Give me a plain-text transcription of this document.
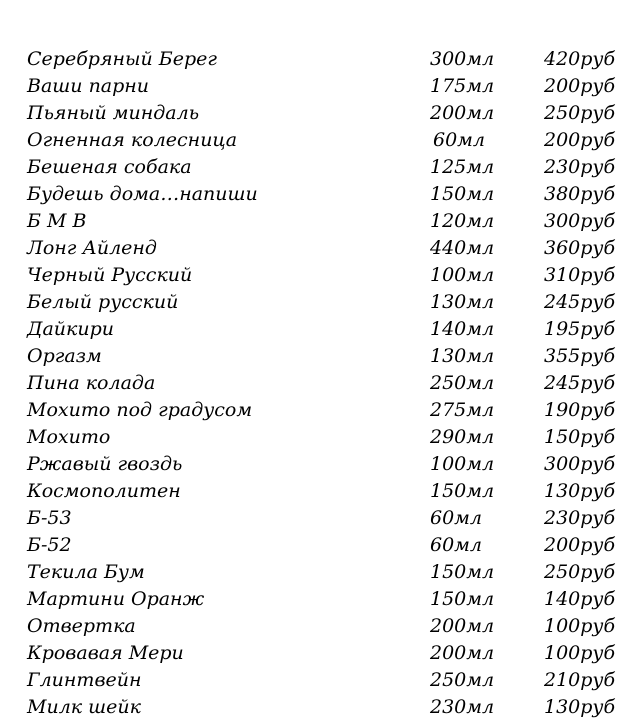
Серебряный Берег	300мл	420руб
Ваши парни	175мл	200руб
Пьяный миндаль	200мл	250руб
Огненная колесница	60мл	200руб
Бешеная собака	125мл	230руб
Будешь дома…напиши	150мл	380руб
Б М В	120мл	300руб
Лонг Айленд	440мл	360руб
Черный Русский	100мл	310руб
Белый русский	130мл	245руб
Дайкири	140мл	195руб
Оргазм	130мл	355руб
Пина колада	250мл	245руб
Мохито под градусом	275мл	190руб
Мохито	290мл	150руб
Ржавый гвоздь	100мл	300руб
Космополитен	150мл	130руб
Б-53	60мл	230руб
Б-52	60мл	200руб
Текила Бум	150мл	250руб
Мартини Оранж	150мл	140руб
Отвертка	200мл	100руб
Кровавая Мери	200мл	100руб
Глинтвейн	250мл	210руб
Милк шейк	230мл	130руб
